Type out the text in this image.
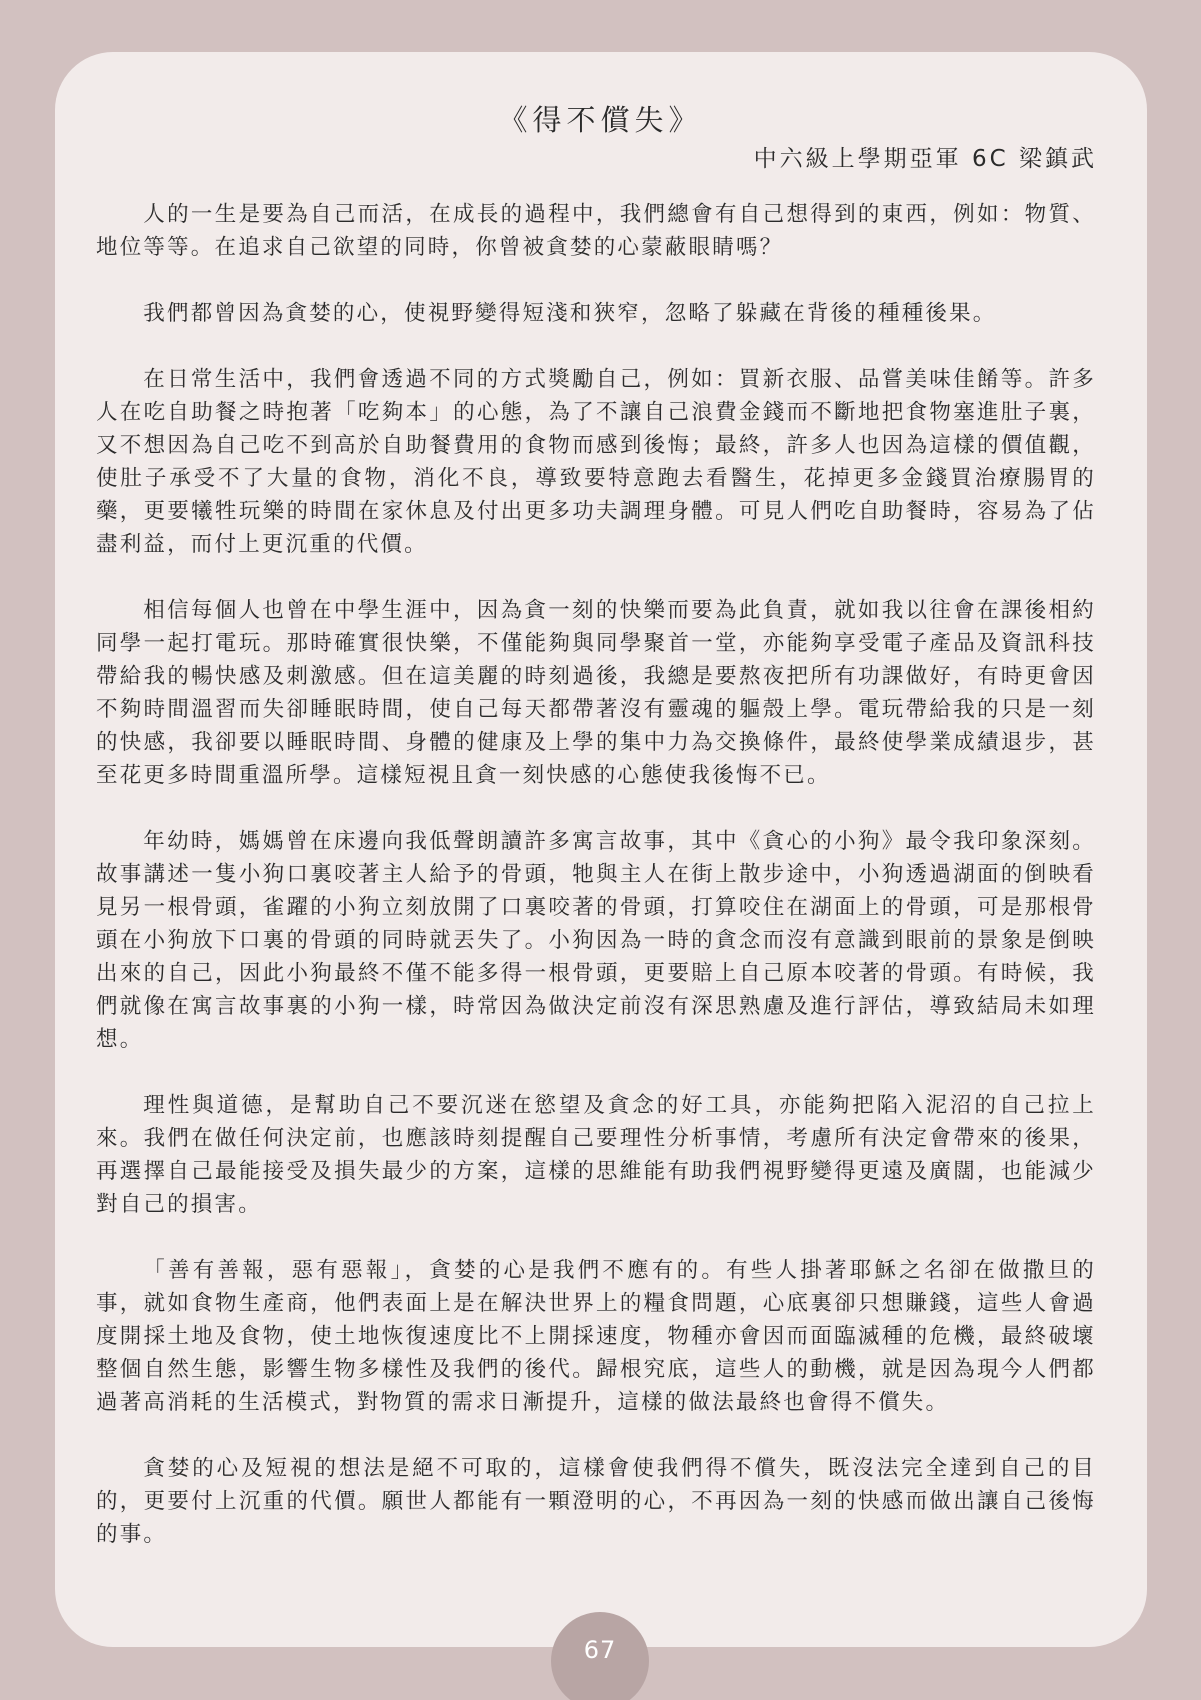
《得不償失》
中六級上學期亞軍 6C 梁鎮武

人的一生是要為自己而活，在成長的過程中，我們總會有自己想得到的東西，例如：物質、地位等等。在追求自己欲望的同時，你曾被貪婪的心蒙蔽眼睛嗎？

我們都曾因為貪婪的心，使視野變得短淺和狹窄，忽略了躲藏在背後的種種後果。

在日常生活中，我們會透過不同的方式獎勵自己，例如：買新衣服、品嘗美味佳餚等。許多人在吃自助餐之時抱著「吃夠本」的心態，為了不讓自己浪費金錢而不斷地把食物塞進肚子裏，又不想因為自己吃不到高於自助餐費用的食物而感到後悔；最終，許多人也因為這樣的價值觀，使肚子承受不了大量的食物，消化不良，導致要特意跑去看醫生，花掉更多金錢買治療腸胃的藥，更要犧牲玩樂的時間在家休息及付出更多功夫調理身體。可見人們吃自助餐時，容易為了佔盡利益，而付上更沉重的代價。

相信每個人也曾在中學生涯中，因為貪一刻的快樂而要為此負責，就如我以往會在課後相約同學一起打電玩。那時確實很快樂，不僅能夠與同學聚首一堂，亦能夠享受電子產品及資訊科技帶給我的暢快感及刺激感。但在這美麗的時刻過後，我總是要熬夜把所有功課做好，有時更會因不夠時間溫習而失卻睡眠時間，使自己每天都帶著沒有靈魂的軀殼上學。電玩帶給我的只是一刻的快感，我卻要以睡眠時間、身體的健康及上學的集中力為交換條件，最終使學業成績退步，甚至花更多時間重溫所學。這樣短視且貪一刻快感的心態使我後悔不已。

年幼時，媽媽曾在床邊向我低聲朗讀許多寓言故事，其中《貪心的小狗》最令我印象深刻。故事講述一隻小狗口裏咬著主人給予的骨頭，牠與主人在街上散步途中，小狗透過湖面的倒映看見另一根骨頭，雀躍的小狗立刻放開了口裏咬著的骨頭，打算咬住在湖面上的骨頭，可是那根骨頭在小狗放下口裏的骨頭的同時就丟失了。小狗因為一時的貪念而沒有意識到眼前的景象是倒映出來的自己，因此小狗最終不僅不能多得一根骨頭，更要賠上自己原本咬著的骨頭。有時候，我們就像在寓言故事裏的小狗一樣，時常因為做決定前沒有深思熟慮及進行評估，導致結局未如理想。

理性與道德，是幫助自己不要沉迷在慾望及貪念的好工具，亦能夠把陷入泥沼的自己拉上來。我們在做任何決定前，也應該時刻提醒自己要理性分析事情，考慮所有決定會帶來的後果，再選擇自己最能接受及損失最少的方案，這樣的思維能有助我們視野變得更遠及廣闊，也能減少對自己的損害。

「善有善報，惡有惡報」，貪婪的心是我們不應有的。有些人掛著耶穌之名卻在做撒旦的事，就如食物生產商，他們表面上是在解決世界上的糧食問題，心底裏卻只想賺錢，這些人會過度開採土地及食物，使土地恢復速度比不上開採速度，物種亦會因而面臨滅種的危機，最終破壞整個自然生態，影響生物多樣性及我們的後代。歸根究底，這些人的動機，就是因為現今人們都過著高消耗的生活模式，對物質的需求日漸提升，這樣的做法最終也會得不償失。

貪婪的心及短視的想法是絕不可取的，這樣會使我們得不償失，既沒法完全達到自己的目的，更要付上沉重的代價。願世人都能有一顆澄明的心，不再因為一刻的快感而做出讓自己後悔的事。

67
